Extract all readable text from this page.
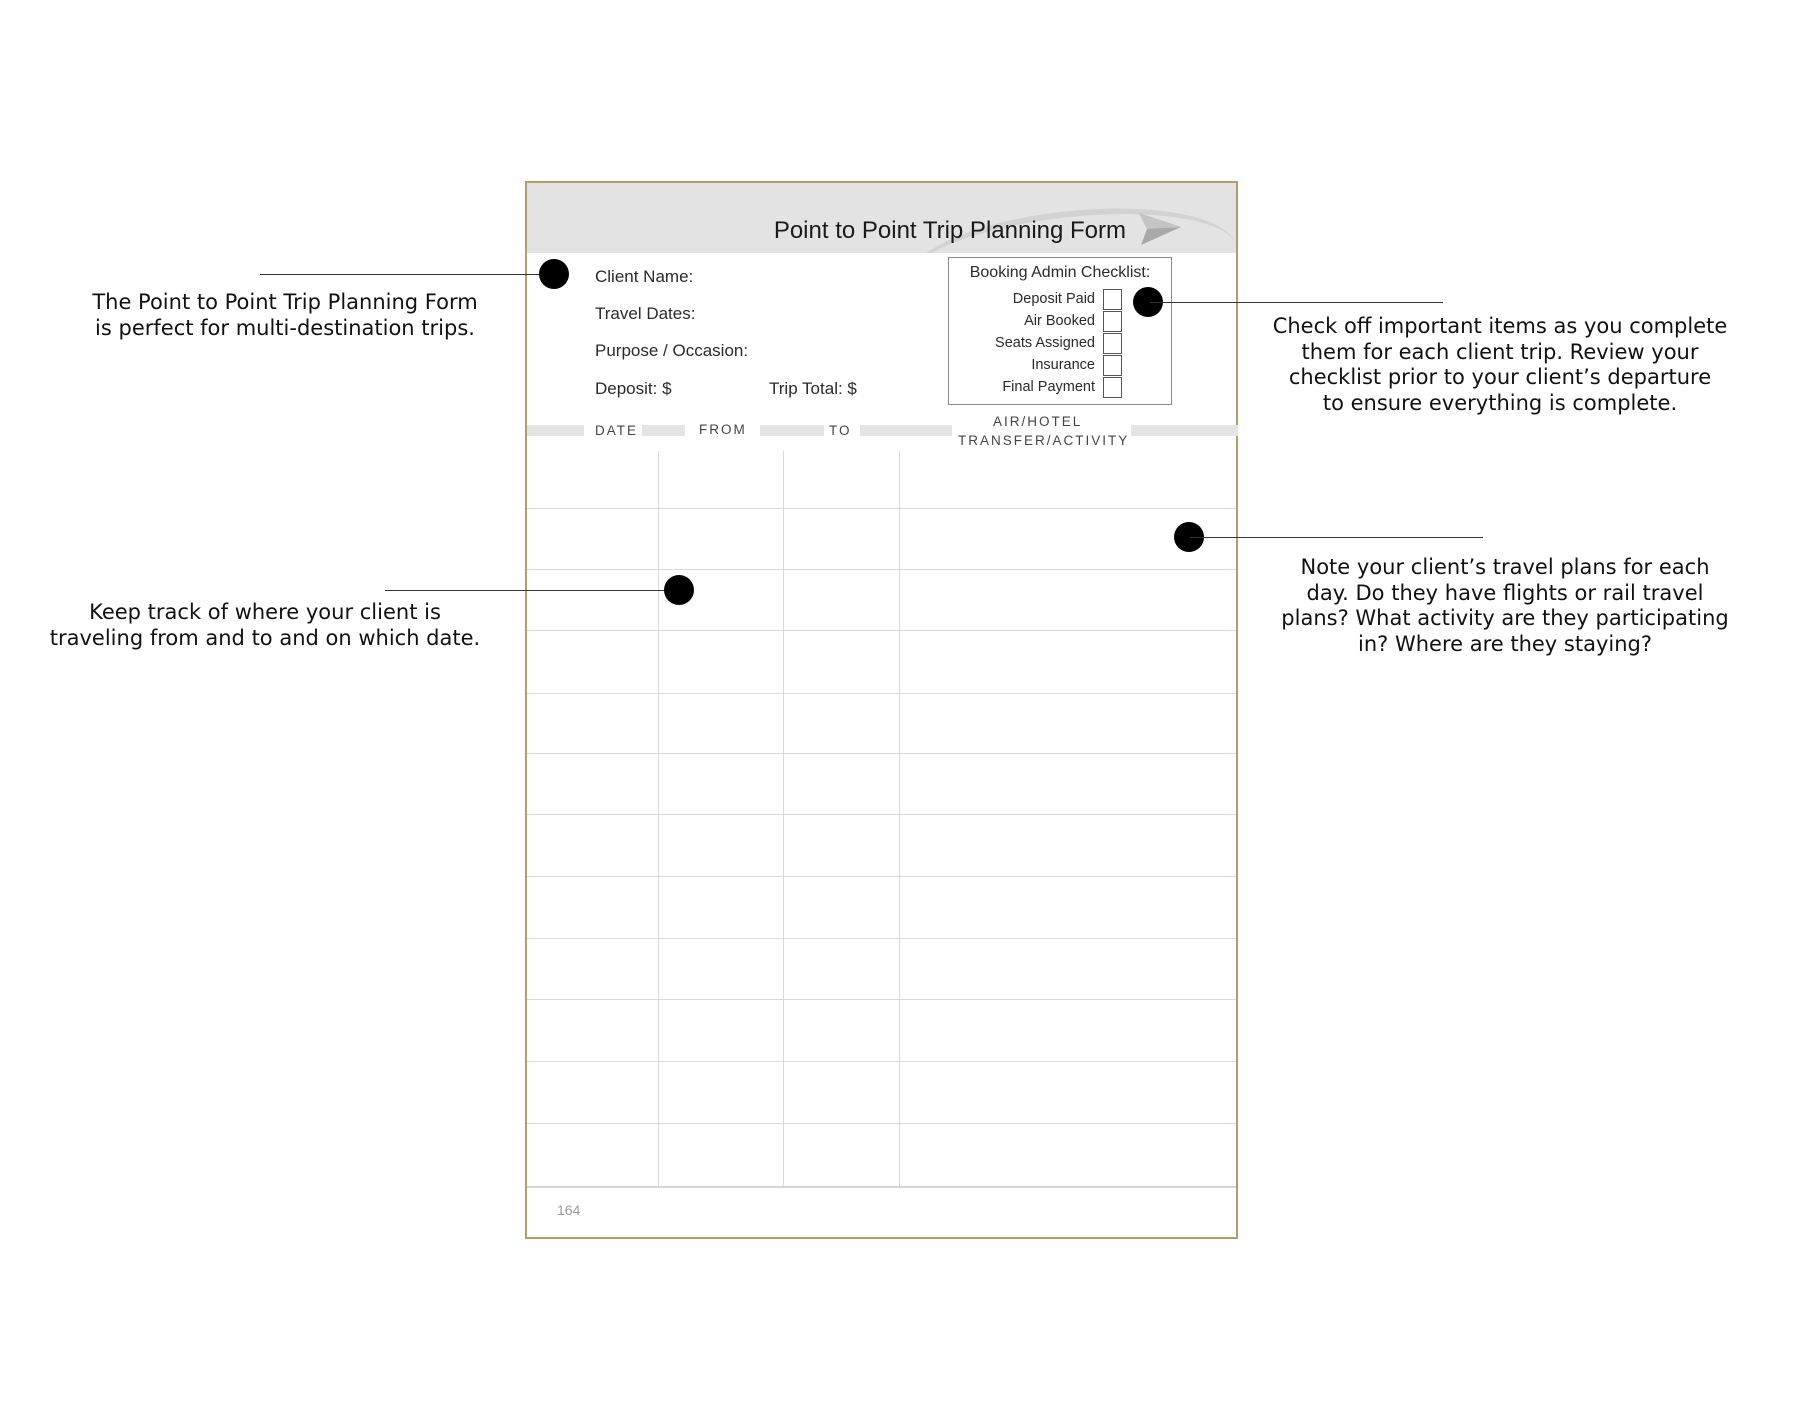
Point to Point Trip Planning Form
Client Name:
Travel Dates:
Purpose / Occasion:
Deposit: $	Trip Total: $
Booking Admin Checklist:
Deposit Paid
Air Booked
Seats Assigned
Insurance
Final Payment
DATE	FROM	TO
AIR/HOTEL
TRANSFER/ACTIVITY
164
The Point to Point Trip Planning Form
is perfect for multi-destination trips.	Check off important items as you complete
them for each client trip. Review your
checklist prior to your client’s departure
to ensure everything is complete.
Keep track of where your client is
traveling from and to and on which date.
Note your client’s travel plans for each
day. Do they have flights or rail travel
plans? What activity are they participating
in? Where are they staying?
